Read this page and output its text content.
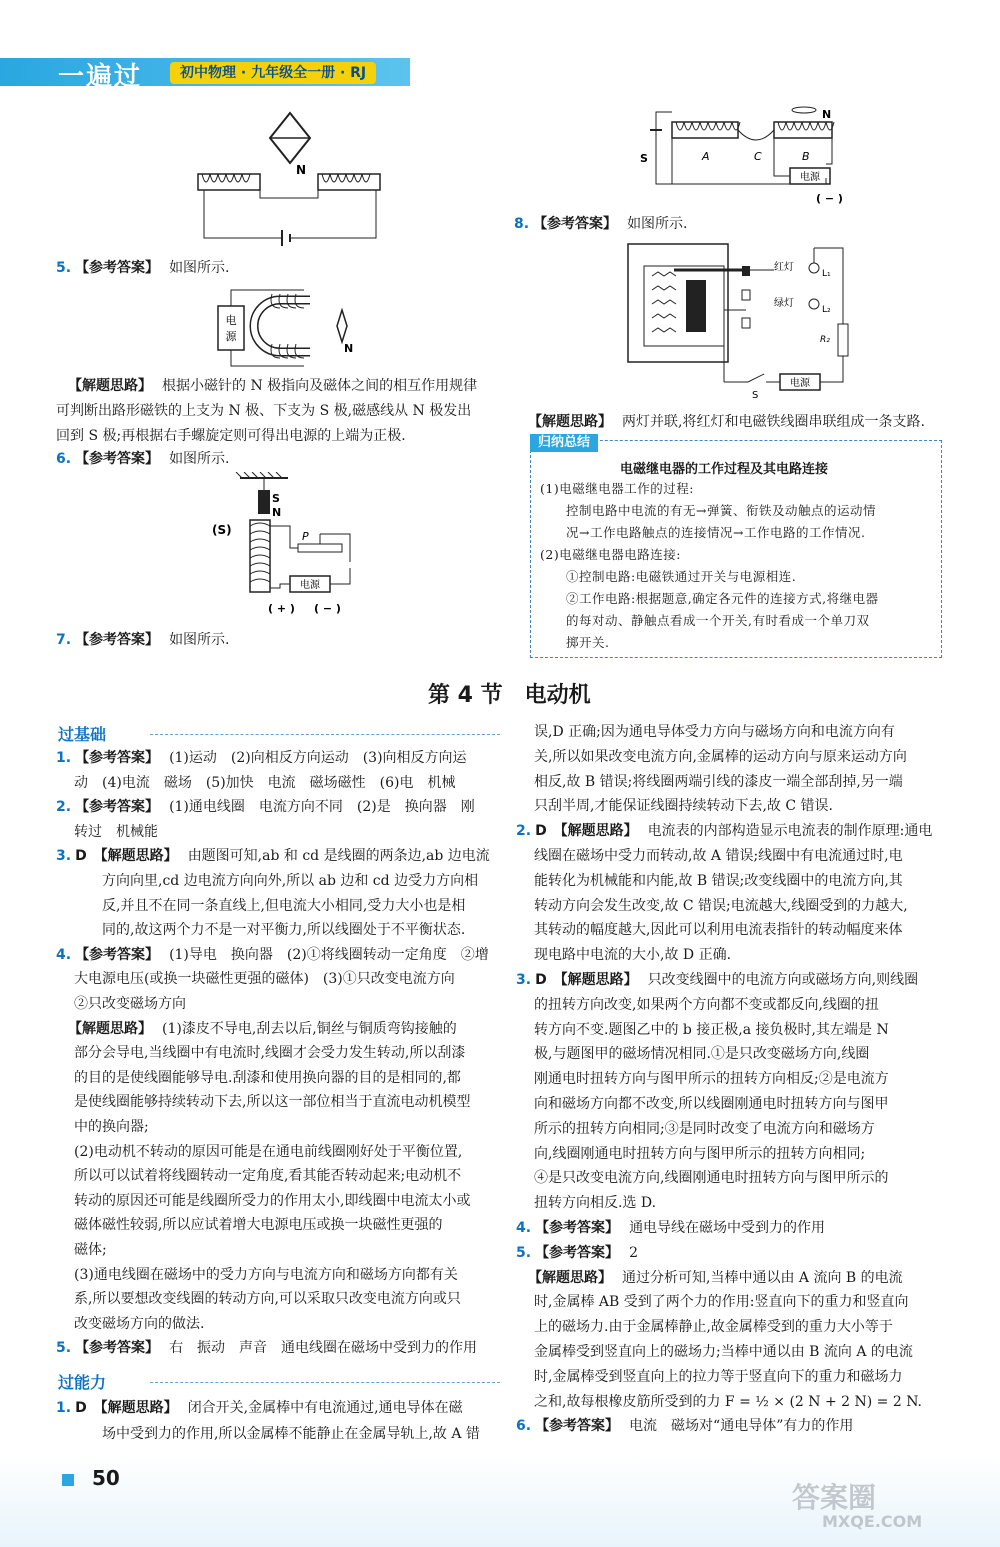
一遍过	初中物理 · 九年级全一册 · RJ
N
5. 【参考答案】 如图所示.
电
源
N
【解题思路】 根据小磁针的 N 极指向及磁体之间的相互作用规律
可判断出路形磁铁的上支为 N 极、下支为 S 极,磁感线从 N 极发出
回到 S 极;再根据右手螺旋定则可得出电源的上端为正极.
6. 【参考答案】 如图所示.
S
N
(S)	P
电源
( + ) ( − )
7. 【参考答案】 如图所示.
S	A	C
N
B
电源
( − )
8. 【参考答案】 如图所示.
红灯
L₁
绿灯
L₂
R₂
电源
S
【解题思路】 两灯并联,将红灯和电磁铁线圈串联组成一条支路.
归纳总结
电磁继电器的工作过程及其电路连接
(1)电磁继电器工作的过程:
控制电路中电流的有无→弹簧、衔铁及动触点的运动情
况→工作电路触点的连接情况→工作电路的工作情况.
(2)电磁继电器电路连接:
①控制电路:电磁铁通过开关与电源相连.
②工作电路:根据题意,确定各元件的连接方式,将继电器
的每对动、静触点看成一个开关,有时看成一个单刀双
掷开关.
第 4 节　电动机
过基础
1. 【参考答案】 (1)运动　(2)向相反方向运动　(3)向相反方向运
动　(4)电流　磁场　(5)加快　电流　磁场磁性　(6)电　机械
2. 【参考答案】 (1)通电线圈　电流方向不同　(2)是　换向器　刚
转过　机械能
3. D　【解题思路】 由题图可知,ab 和 cd 是线圈的两条边,ab 边电流
　　方向向里,cd 边电流方向向外,所以 ab 边和 cd 边受力方向相
　　反,并且不在同一条直线上,但电流大小相同,受力大小也是相
　　同的,故这两个力不是一对平衡力,所以线圈处于不平衡状态.
4. 【参考答案】 (1)导电　换向器　(2)①将线圈转动一定角度　②增
大电源电压(或换一块磁性更强的磁体)　(3)①只改变电流方向
②只改变磁场方向
【解题思路】 (1)漆皮不导电,刮去以后,铜丝与铜质弯钩接触的
部分会导电,当线圈中有电流时,线圈才会受力发生转动,所以刮漆
的目的是使线圈能够导电.刮漆和使用换向器的目的是相同的,都
是使线圈能够持续转动下去,所以这一部位相当于直流电动机模型
中的换向器;
(2)电动机不转动的原因可能是在通电前线圈刚好处于平衡位置,
所以可以试着将线圈转动一定角度,看其能否转动起来;电动机不
转动的原因还可能是线圈所受力的作用太小,即线圈中电流太小或
磁体磁性较弱,所以应试着增大电源电压或换一块磁性更强的
磁体;
(3)通电线圈在磁场中的受力方向与电流方向和磁场方向都有关
系,所以要想改变线圈的转动方向,可以采取只改变电流方向或只
改变磁场方向的做法.
5. 【参考答案】 右　振动　声音　通电线圈在磁场中受到力的作用
过能力
1. D　【解题思路】 闭合开关,金属棒中有电流通过,通电导体在磁
　　场中受到力的作用,所以金属棒不能静止在金属导轨上,故 A 错
误,D 正确;因为通电导体受力方向与磁场方向和电流方向有
关,所以如果改变电流方向,金属棒的运动方向与原来运动方向
相反,故 B 错误;将线圈两端引线的漆皮一端全部刮掉,另一端
只刮半周,才能保证线圈持续转动下去,故 C 错误.
2. D　【解题思路】 电流表的内部构造显示电流表的制作原理:通电
线圈在磁场中受力而转动,故 A 错误;线圈中有电流通过时,电
能转化为机械能和内能,故 B 错误;改变线圈中的电流方向,其
转动方向会发生改变,故 C 错误;电流越大,线圈受到的力越大,
其转动的幅度越大,因此可以利用电流表指针的转动幅度来体
现电路中电流的大小,故 D 正确.
3. D　【解题思路】 只改变线圈中的电流方向或磁场方向,则线圈
的扭转方向改变,如果两个方向都不变或都反向,线圈的扭
转方向不变.题图乙中的 b 接正极,a 接负极时,其左端是 N
极,与题图甲的磁场情况相同.①是只改变磁场方向,线圈
刚通电时扭转方向与图甲所示的扭转方向相反;②是电流方
向和磁场方向都不改变,所以线圈刚通电时扭转方向与图甲
所示的扭转方向相同;③是同时改变了电流方向和磁场方
向,线圈刚通电时扭转方向与图甲所示的扭转方向相同;
④是只改变电流方向,线圈刚通电时扭转方向与图甲所示的
扭转方向相反.选 D.
4. 【参考答案】 通电导线在磁场中受到力的作用
5. 【参考答案】 2
【解题思路】 通过分析可知,当棒中通以由 A 流向 B 的电流
时,金属棒 AB 受到了两个力的作用:竖直向下的重力和竖直向
上的磁场力.由于金属棒静止,故金属棒受到的重力大小等于
金属棒受到竖直向上的磁场力;当棒中通以由 B 流向 A 的电流
时,金属棒受到竖直向上的拉力等于竖直向下的重力和磁场力
之和,故每根橡皮筋所受到的力 F = ½ × (2 N + 2 N) = 2 N.
6. 【参考答案】 电流　磁场对“通电导体”有力的作用
50
答案圈
MXQE.COM
